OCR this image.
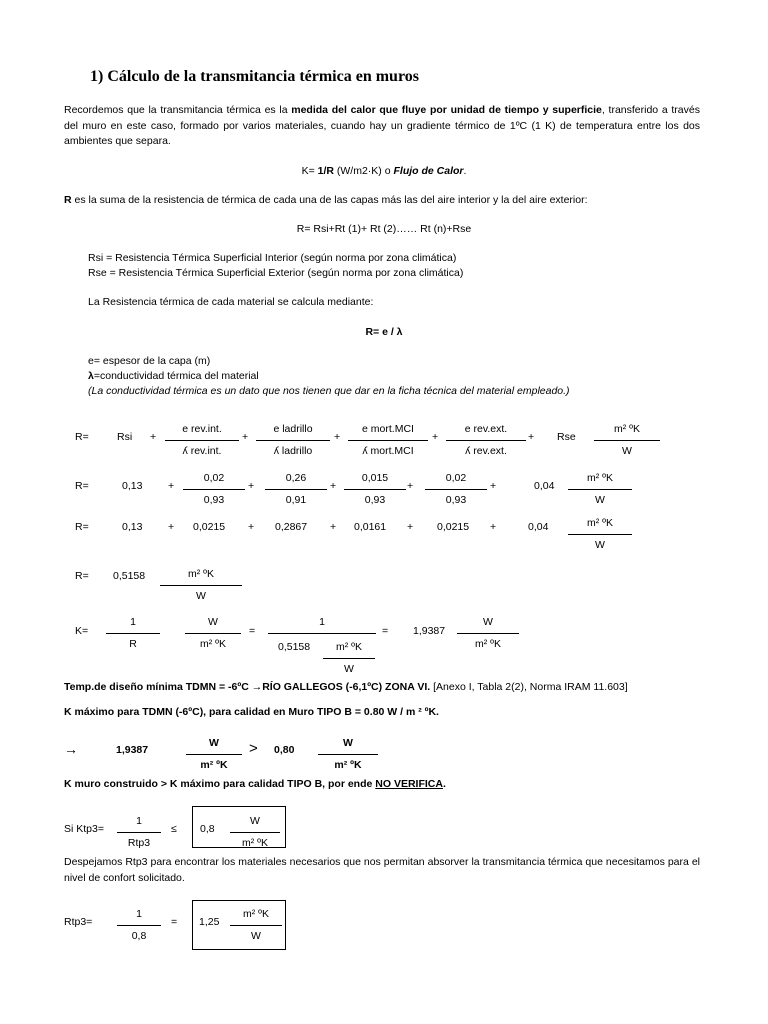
1) Cálculo de la transmitancia térmica en muros
Recordemos que la transmitancia térmica es la medida del calor que fluye por unidad de tiempo y superficie, transferido a través del muro en este caso, formado por varios materiales, cuando hay un gradiente térmico de 1ºC (1 K) de temperatura entre los dos ambientes que separa.
K= 1/R (W/m2·K) o Flujo de Calor.
R es la suma de la resistencia de térmica de cada una de las capas más las del aire interior y la del aire exterior:
R= Rsi+Rt (1)+ Rt (2)…… Rt (n)+Rse
Rsi = Resistencia Térmica Superficial Interior (según norma por zona climática)
Rse = Resistencia Térmica Superficial Exterior (según norma por zona climática)
La Resistencia térmica de cada material se calcula mediante:
R= e / λ
e= espesor de la capa (m)
λ=conductividad térmica del material
(La conductividad térmica es un dato que nos tienen que dar en la ficha técnica del material empleado.)
R=	Rsi +
e rev.int.
ʎ rev.int.
+
e ladrillo
ʎ ladrillo
+
e mort.MCI
ʎ mort.MCI
+
e rev.ext.
ʎ rev.ext.
+ Rse
m² ºK
W
R=	0,13 +
0,02
0,93
+
0,26
0,91
+
0,015
0,93
+
0,02
0,93
+	0,04
m² ºK
W
R=	0,13 + 0,0215 + 0,2867 + 0,0161 + 0,0215 +	0,04	m² ºK
W
R= 0,5158	m² ºK
W
K=
1
R
W
m² ºK
=
1
0,5158	m² ºK
W
= 1,9387
W
m² ºK
Temp.de diseño mínima TDMN = -6ºC →RÍO GALLEGOS (-6,1ºC) ZONA VI. [Anexo I, Tabla 2(2), Norma IRAM 11.603]
K máximo para TDMN (-6ºC), para calidad en Muro TIPO B = 0.80 W / m ² ºK.
→	1,9387
W
m² ºK
> 0,80
W
m² ºK
K muro construido > K máximo para calidad TIPO B, por ende NO VERIFICA.
Si Ktp3=
1
Rtp3
≤ 0,8
W
m² ºK
Despejamos Rtp3 para encontrar los materiales necesarios que nos permitan absorver la transmitancia térmica que necesitamos para el nivel de confort solicitado.
Rtp3=
1
0,8
= 1,25
m² ºK
W
